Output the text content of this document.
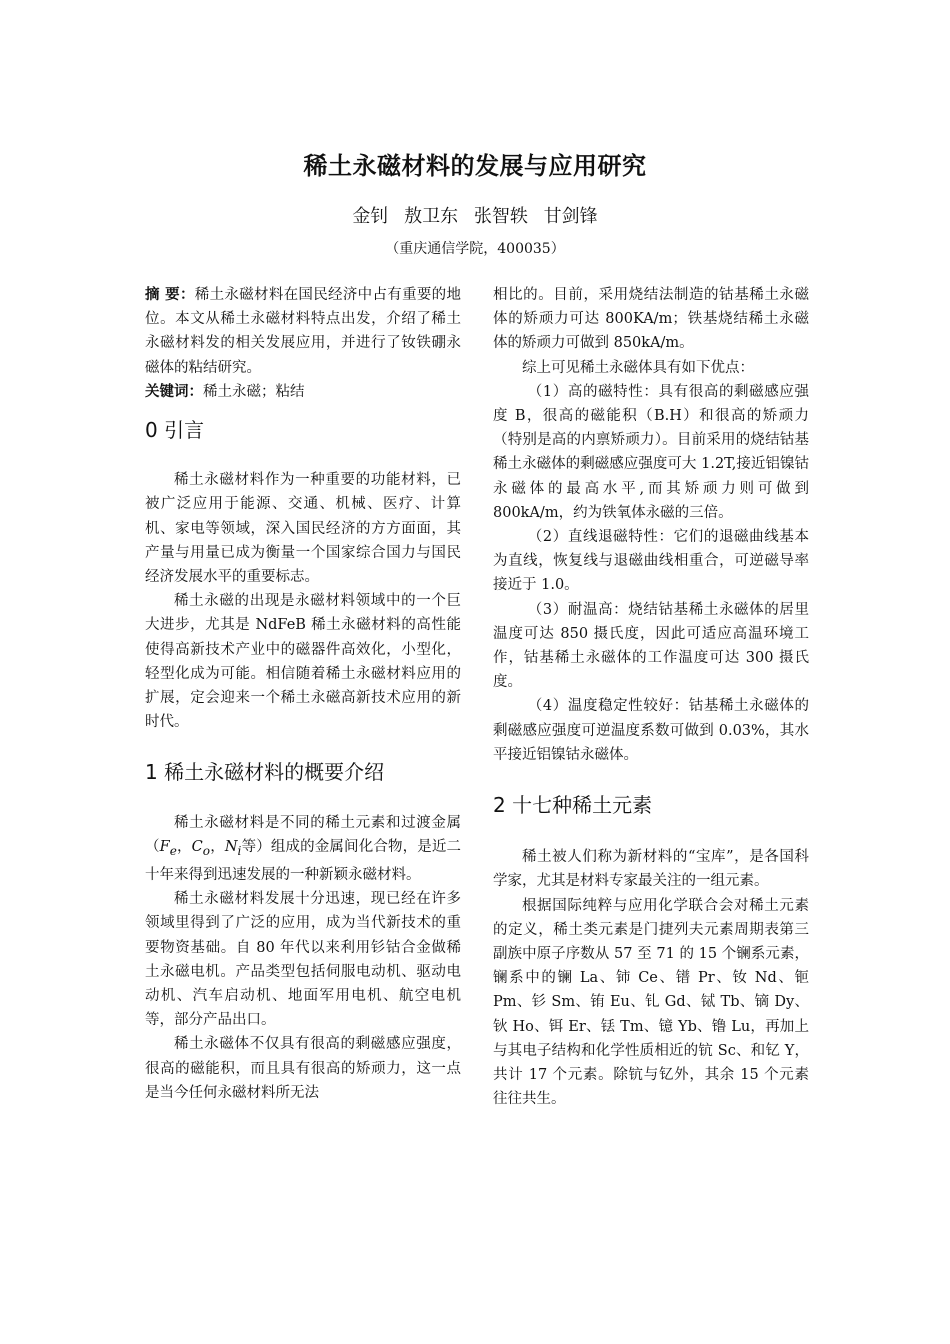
稀土永磁材料的发展与应用研究
金钊 敖卫东 张智轶 甘剑锋
（重庆通信学院，400035）

摘 要：稀土永磁材料在国民经济中占有重要的地位。本文从稀土永磁材料特点出发，介绍了稀土永磁材料发的相关发展应用，并进行了钕铁硼永磁体的粘结研究。

关键词：稀土永磁；粘结

0 引言

稀土永磁材料作为一种重要的功能材料，已被广泛应用于能源、交通、机械、医疗、计算机、家电等领域，深入国民经济的方方面面，其产量与用量已成为衡量一个国家综合国力与国民经济发展水平的重要标志。

稀土永磁的出现是永磁材料领域中的一个巨大进步，尤其是 NdFeB 稀土永磁材料的高性能使得高新技术产业中的磁器件高效化，小型化，轻型化成为可能。相信随着稀土永磁材料应用的扩展，定会迎来一个稀土永磁高新技术应用的新时代。

1 稀土永磁材料的概要介绍

稀土永磁材料是不同的稀土元素和过渡金属（$F_e$，$C_o$，$N_i$等）组成的金属间化合物，是近二十年来得到迅速发展的一种新颖永磁材料。

稀土永磁材料发展十分迅速，现已经在许多领域里得到了广泛的应用，成为当代新技术的重要物资基础。自 80 年代以来利用钐钴合金做稀土永磁电机。产品类型包括伺服电动机、驱动电动机、汽车启动机、地面军用电机、航空电机等，部分产品出口。

稀土永磁体不仅具有很高的剩磁感应强度，很高的磁能积，而且具有很高的矫顽力，这一点是当今任何永磁材料所无法

相比的。目前，采用烧结法制造的钴基稀土永磁体的矫顽力可达 800KA/m；铁基烧结稀土永磁体的矫顽力可做到 850kA/m。

综上可见稀土永磁体具有如下优点：

（1）高的磁特性：具有很高的剩磁感应强度 B，很高的磁能积（B.H）和很高的矫顽力（特别是高的内禀矫顽力）。目前采用的烧结钴基稀土永磁体的剩磁感应强度可大 1.2T,接近铝镍钴永磁体的最高水平,而其矫顽力则可做到 800kA/m，约为铁氧体永磁的三倍。

（2）直线退磁特性：它们的退磁曲线基本为直线，恢复线与退磁曲线相重合，可逆磁导率接近于 1.0。

（3）耐温高：烧结钴基稀土永磁体的居里温度可达 850 摄氏度，因此可适应高温环境工作，钴基稀土永磁体的工作温度可达 300 摄氏度。

（4）温度稳定性较好：钴基稀土永磁体的剩磁感应强度可逆温度系数可做到 0.03%，其水平接近铝镍钴永磁体。

2 十七种稀土元素

稀土被人们称为新材料的“宝库”，是各国科学家，尤其是材料专家最关注的一组元素。

根据国际纯粹与应用化学联合会对稀土元素的定义，稀土类元素是门捷列夫元素周期表第三副族中原子序数从 57 至 71 的 15 个镧系元素，镧系中的镧 La、铈 Ce、镨 Pr、钕 Nd、钷 Pm、钐 Sm、铕 Eu、钆 Gd、铽 Tb、镝 Dy、钬 Ho、铒 Er、铥 Tm、镱 Yb、镥 Lu，再加上与其电子结构和化学性质相近的钪 Sc、和钇 Y，共计 17 个元素。除钪与钇外，其余 15 个元素往往共生。
